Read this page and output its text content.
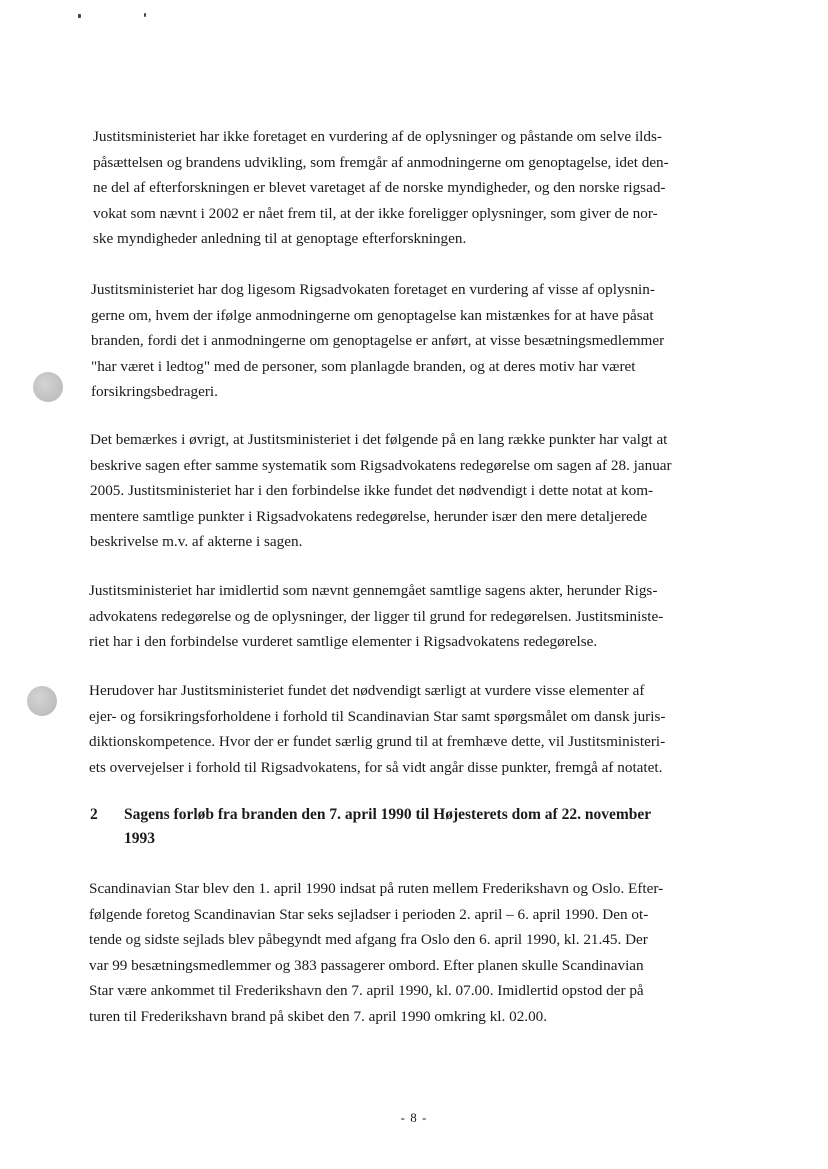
Justitsministeriet har ikke foretaget en vurdering af de oplysninger og påstande om selve ilds-
påsættelsen og brandens udvikling, som fremgår af anmodningerne om genoptagelse, idet den-
ne del af efterforskningen er blevet varetaget af de norske myndigheder, og den norske rigsad-
vokat som nævnt i 2002 er nået frem til, at der ikke foreligger oplysninger, som giver de nor-
ske myndigheder anledning til at genoptage efterforskningen.

Justitsministeriet har dog ligesom Rigsadvokaten foretaget en vurdering af visse af oplysnin-
gerne om, hvem der ifølge anmodningerne om genoptagelse kan mistænkes for at have påsat
branden, fordi det i anmodningerne om genoptagelse er anført, at visse besætningsmedlemmer
"har været i ledtog" med de personer, som planlagde branden, og at deres motiv har været
forsikringsbedrageri.

Det bemærkes i øvrigt, at Justitsministeriet i det følgende på en lang række punkter har valgt at
beskrive sagen efter samme systematik som Rigsadvokatens redegørelse om sagen af 28. januar
2005. Justitsministeriet har i den forbindelse ikke fundet det nødvendigt i dette notat at kom-
mentere samtlige punkter i Rigsadvokatens redegørelse, herunder især den mere detaljerede
beskrivelse m.v. af akterne i sagen.

Justitsministeriet har imidlertid som nævnt gennemgået samtlige sagens akter, herunder Rigs-
advokatens redegørelse og de oplysninger, der ligger til grund for redegørelsen. Justitsministe-
riet har i den forbindelse vurderet samtlige elementer i Rigsadvokatens redegørelse.

Herudover har Justitsministeriet fundet det nødvendigt særligt at vurdere visse elementer af
ejer- og forsikringsforholdene i forhold til Scandinavian Star samt spørgsmålet om dansk juris-
diktionskompetence. Hvor der er fundet særlig grund til at fremhæve dette, vil Justitsministeri-
ets overvejelser i forhold til Rigsadvokatens, for så vidt angår disse punkter, fremgå af notatet.

2 Sagens forløb fra branden den 7. april 1990 til Højesterets dom af 22. november
1993

Scandinavian Star blev den 1. april 1990 indsat på ruten mellem Frederikshavn og Oslo. Efter-
følgende foretog Scandinavian Star seks sejladser i perioden 2. april – 6. april 1990. Den ot-
tende og sidste sejlads blev påbegyndt med afgang fra Oslo den 6. april 1990, kl. 21.45. Der
var 99 besætningsmedlemmer og 383 passagerer ombord. Efter planen skulle Scandinavian
Star være ankommet til Frederikshavn den 7. april 1990, kl. 07.00. Imidlertid opstod der på
turen til Frederikshavn brand på skibet den 7. april 1990 omkring kl. 02.00.

- 8 -
